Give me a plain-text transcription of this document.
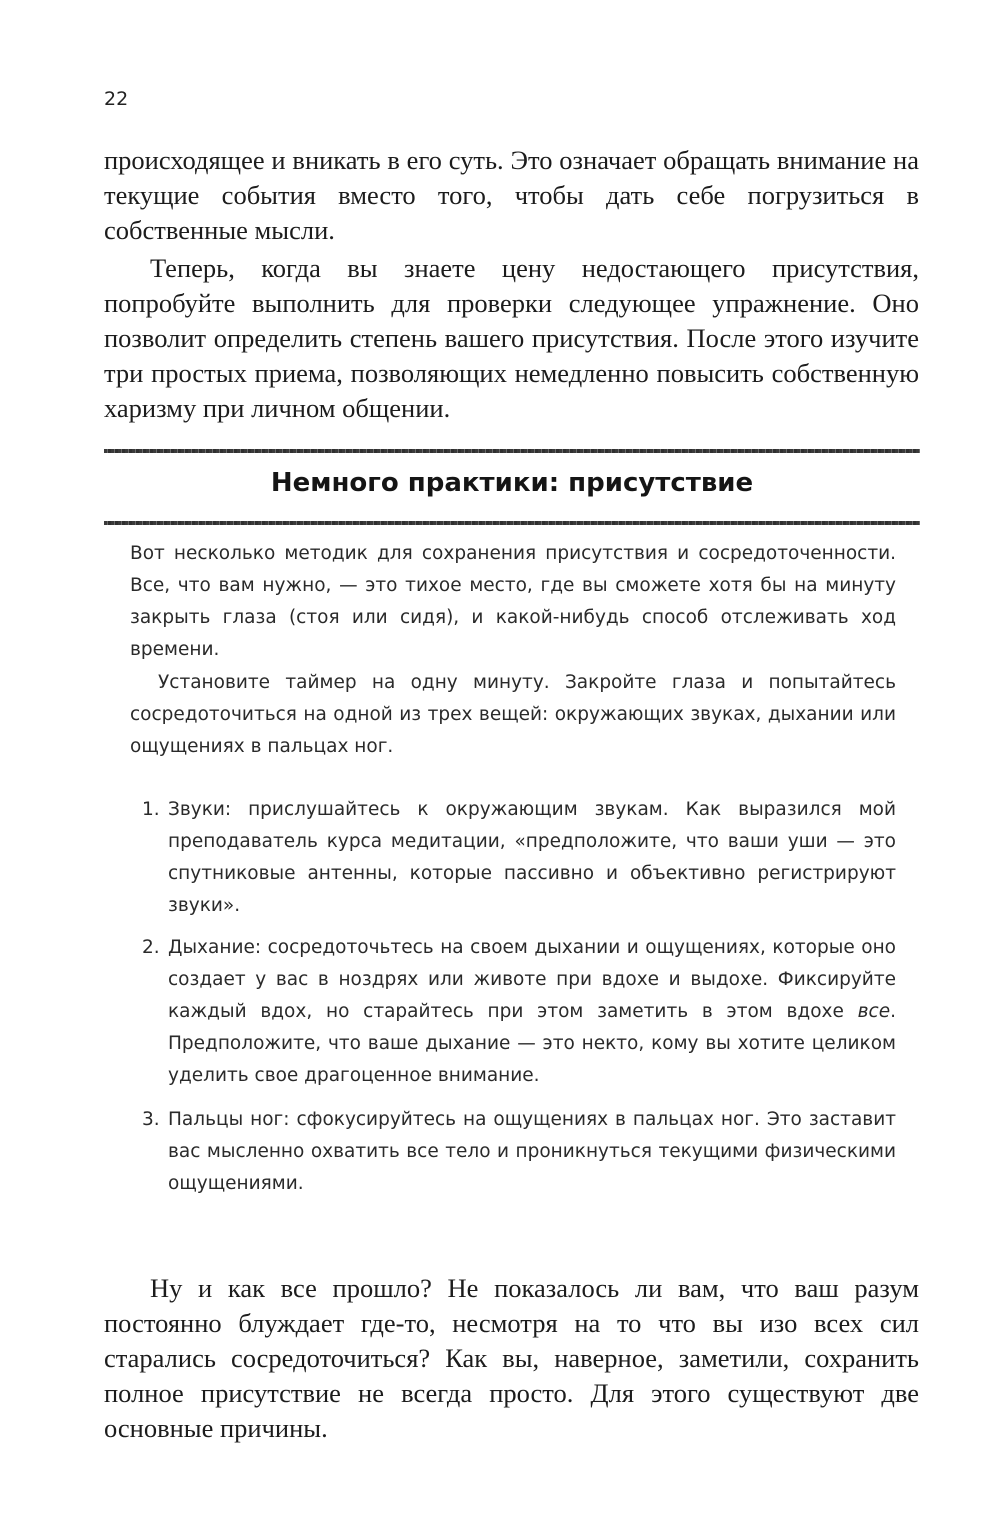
22

происходящее и вникать в его суть. Это означает обращать внимание на текущие события вместо того, чтобы дать себе погрузиться в собственные мысли.

Теперь, когда вы знаете цену недостающего присутствия, попробуйте выполнить для проверки следующее упражнение. Оно позволит определить степень вашего присутствия. После этого изучите три простых приема, позволяющих немедленно повысить собственную харизму при личном общении.

Немного практики: присутствие

Вот несколько методик для сохранения присутствия и сосредоточенности. Все, что вам нужно, — это тихое место, где вы сможете хотя бы на минуту закрыть глаза (стоя или сидя), и какой-нибудь способ отслеживать ход времени.

Установите таймер на одну минуту. Закройте глаза и попытайтесь сосредоточиться на одной из трех вещей: окружающих звуках, дыхании или ощущениях в пальцах ног.

1. Звуки: прислушайтесь к окружающим звукам. Как выразился мой преподаватель курса медитации, «предположите, что ваши уши — это спутниковые антенны, которые пассивно и объективно регистрируют звуки».

2. Дыхание: сосредоточьтесь на своем дыхании и ощущениях, которые оно создает у вас в ноздрях или животе при вдохе и выдохе. Фиксируйте каждый вдох, но старайтесь при этом заметить в этом вдохе все. Предположите, что ваше дыхание — это некто, кому вы хотите целиком уделить свое драгоценное внимание.

3. Пальцы ног: сфокусируйтесь на ощущениях в пальцах ног. Это заставит вас мысленно охватить все тело и проникнуться текущими физическими ощущениями.

Ну и как все прошло? Не показалось ли вам, что ваш разум постоянно блуждает где-то, несмотря на то что вы изо всех сил старались сосредоточиться? Как вы, наверное, заметили, сохранить полное присутствие не всегда просто. Для этого существуют две основные причины.
